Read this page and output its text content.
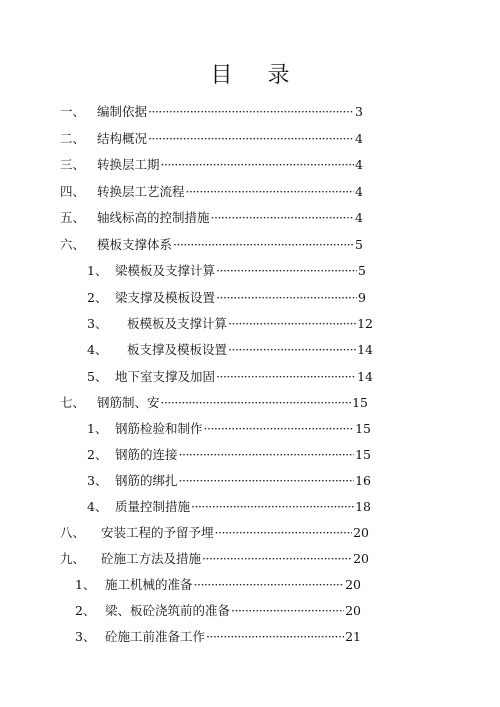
目 录
一、 编制依据 ·····	3
二、 结构概况 ·····	4
三、 转换层工期 ·····	4
四、 转换层工艺流程 ·····	4
五、 轴线标高的控制措施 ·····	4
六、 模板支撑体系 ·····	5
1、 梁模板及支撑计算 ·····	5
2、 梁支撑及模板设置 ·····	9
3、	板模板及支撑计算 ·····	12
4、	板支撑及模板设置 ·····	14
5、 地下室支撑及加固 ·····	14
七、 钢筋制、安 ·····	15
1、 钢筋检验和制作 ·····	15
2、 钢筋的连接 ·····	15
3、 钢筋的绑扎 ·····	16
4、 质量控制措施 ·····	18
八、	安装工程的予留予埋 ·····	20
九、	砼施工方法及措施 ·····	20
1、 施工机械的准备 ·····	20
2、 梁、板砼浇筑前的准备 ·····	20
3、 砼施工前准备工作 ·····	21
